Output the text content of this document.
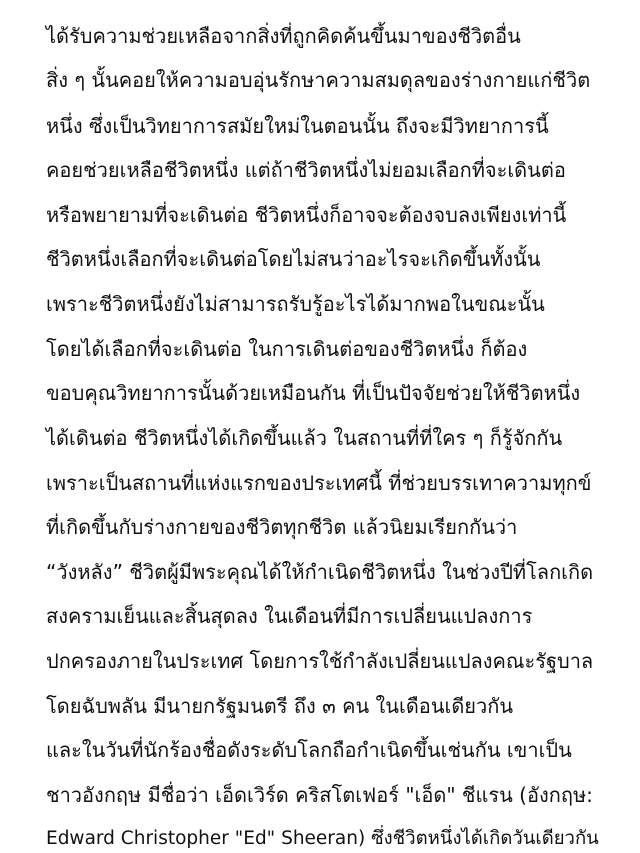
ได้รับความช่วยเหลือจากสิ่งที่ถูกคิดค้นขึ้นมาของชีวิตอื่น
สิ่ง ๆ นั้นคอยให้ความอบอุ่นรักษาความสมดุลของร่างกายแก่ชีวิต
หนึ่ง ซึ่งเป็นวิทยาการสมัยใหม่ในตอนนั้น ถึงจะมีวิทยาการนี้
คอยช่วยเหลือชีวิตหนึ่ง แต่ถ้าชีวิตหนึ่งไม่ยอมเลือกที่จะเดินต่อ
หรือพยายามที่จะเดินต่อ ชีวิตหนึ่งก็อาจจะต้องจบลงเพียงเท่านี้
ชีวิตหนึ่งเลือกที่จะเดินต่อโดยไม่สนว่าอะไรจะเกิดขึ้นทั้งนั้น
เพราะชีวิตหนึ่งยังไม่สามารถรับรู้อะไรได้มากพอในขณะนั้น
โดยได้เลือกที่จะเดินต่อ ในการเดินต่อของชีวิตหนึ่ง ก็ต้อง
ขอบคุณวิทยาการนั้นด้วยเหมือนกัน ที่เป็นปัจจัยช่วยให้ชีวิตหนึ่ง
ได้เดินต่อ ชีวิตหนึ่งได้เกิดขึ้นแล้ว ในสถานที่ที่ใคร ๆ ก็รู้จักกัน
เพราะเป็นสถานที่แห่งแรกของประเทศนี้ ที่ช่วยบรรเทาความทุกข์
ที่เกิดขึ้นกับร่างกายของชีวิตทุกชีวิต แล้วนิยมเรียกกันว่า
“วังหลัง” ชีวิตผู้มีพระคุณได้ให้กำเนิดชีวิตหนึ่ง ในช่วงปีที่โลกเกิด
สงครามเย็นและสิ้นสุดลง ในเดือนที่มีการเปลี่ยนแปลงการ
ปกครองภายในประเทศ โดยการใช้กำลังเปลี่ยนแปลงคณะรัฐบาล
โดยฉับพลัน มีนายกรัฐมนตรี ถึง ๓ คน ในเดือนเดียวกัน
และในวันที่นักร้องชื่อดังระดับโลกถือกำเนิดขึ้นเช่นกัน เขาเป็น
ชาวอังกฤษ มีชื่อว่า เอ็ดเวิร์ด คริสโตเฟอร์ "เอ็ด" ชีแรน (อังกฤษ:
Edward Christopher "Ed" Sheeran) ซึ่งชีวิตหนึ่งได้เกิดวันเดียวกัน
